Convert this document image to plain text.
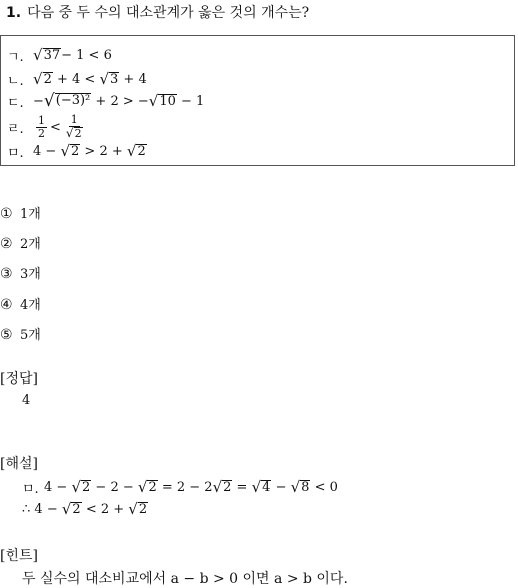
1. 다음 중 두 수의 대소관계가 옳은 것의 개수는?
ㄱ. √ 37 − 1 < 6
ㄴ. √ 2 + 4 < √ 3 + 4
ㄷ. − √ (−3)² + 2 > − √ 10 − 1
ㄹ.	$\frac{1}{2} < \frac{1}{√ 2}$
ㅁ. 4 − √ 2 > 2 + √ 2
① 1개
② 2개
③ 3개
④ 4개
⑤ 5개
[정답]
4
[해설]
ㅁ. 4 − √ 2 − 2 − √ 2 = 2 − 2 √ 2 = √ 4 − √ 8 < 0
∴ 4 − √ 2 < 2 + √ 2
[힌트]
두 실수의 대소비교에서 a − b > 0 이면 a > b 이다.
